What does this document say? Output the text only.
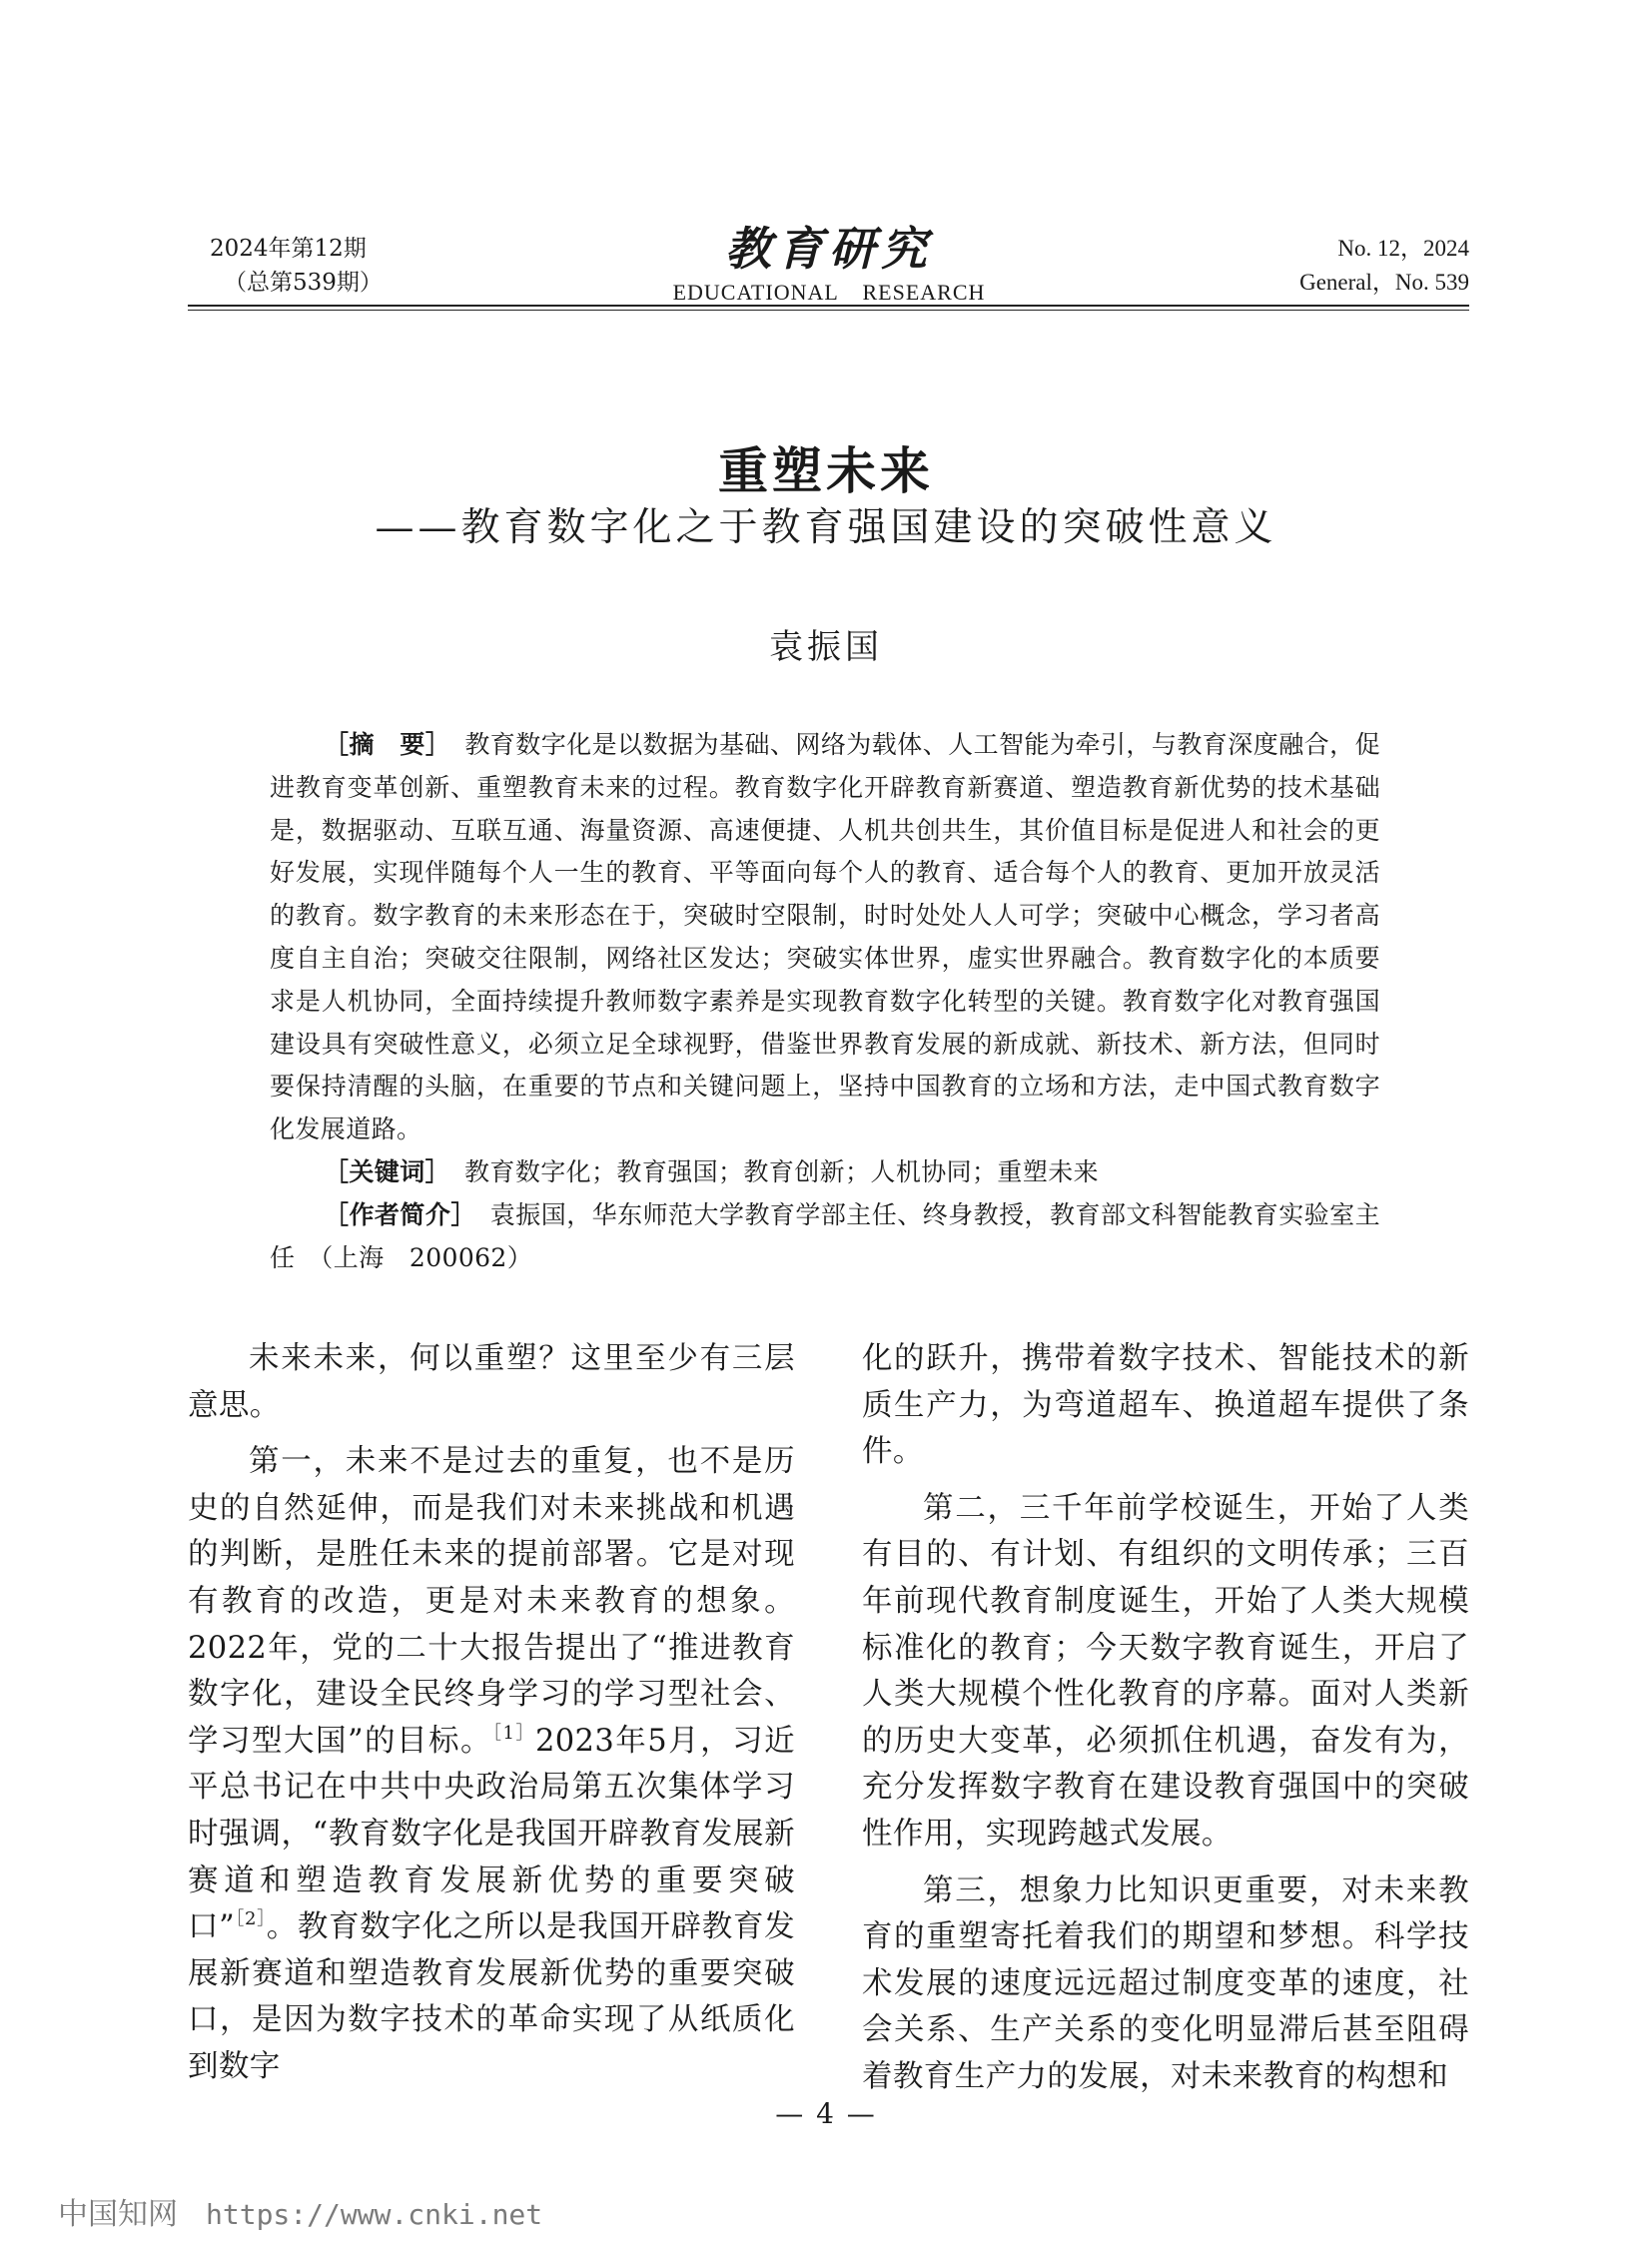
2024年第12期
（总第539期）
教育研究
EDUCATIONAL RESEARCH
No. 12，2024
General，No. 539
重塑未来
——教育数字化之于教育强国建设的突破性意义
袁振国

［摘　要］ 教育数字化是以数据为基础、网络为载体、人工智能为牵引，与教育深度融合，促进教育变革创新、重塑教育未来的过程。教育数字化开辟教育新赛道、塑造教育新优势的技术基础是，数据驱动、互联互通、海量资源、高速便捷、人机共创共生，其价值目标是促进人和社会的更好发展，实现伴随每个人一生的教育、平等面向每个人的教育、适合每个人的教育、更加开放灵活的教育。数字教育的未来形态在于，突破时空限制，时时处处人人可学；突破中心概念，学习者高度自主自治；突破交往限制，网络社区发达；突破实体世界，虚实世界融合。教育数字化的本质要求是人机协同，全面持续提升教师数字素养是实现教育数字化转型的关键。教育数字化对教育强国建设具有突破性意义，必须立足全球视野，借鉴世界教育发展的新成就、新技术、新方法，但同时要保持清醒的头脑，在重要的节点和关键问题上，坚持中国教育的立场和方法，走中国式教育数字化发展道路。

［关键词］ 教育数字化；教育强国；教育创新；人机协同；重塑未来

［作者简介］ 袁振国，华东师范大学教育学部主任、终身教授，教育部文科智能教育实验室主任　（上海　200062）

未来未来，何以重塑？这里至少有三层意思。

第一，未来不是过去的重复，也不是历史的自然延伸，而是我们对未来挑战和机遇的判断，是胜任未来的提前部署。它是对现有教育的改造，更是对未来教育的想象。2022年，党的二十大报告提出了“推进教育数字化，建设全民终身学习的学习型社会、学习型大国”的目标。$^{[1]}$2023年5月，习近平总书记在中共中央政治局第五次集体学习时强调，“教育数字化是我国开辟教育发展新赛道和塑造教育发展新优势的重要突破口”$^{[2]}$。教育数字化之所以是我国开辟教育发展新赛道和塑造教育发展新优势的重要突破口，是因为数字技术的革命实现了从纸质化到数字

化的跃升，携带着数字技术、智能技术的新质生产力，为弯道超车、换道超车提供了条件。

第二，三千年前学校诞生，开始了人类有目的、有计划、有组织的文明传承；三百年前现代教育制度诞生，开始了人类大规模标准化的教育；今天数字教育诞生，开启了人类大规模个性化教育的序幕。面对人类新的历史大变革，必须抓住机遇，奋发有为，充分发挥数字教育在建设教育强国中的突破性作用，实现跨越式发展。

第三，想象力比知识更重要，对未来教育的重塑寄托着我们的期望和梦想。科学技术发展的速度远远超过制度变革的速度，社会关系、生产关系的变化明显滞后甚至阻碍着教育生产力的发展，对未来教育的构想和

— 4 —
中国知网 https://www.cnki.net
